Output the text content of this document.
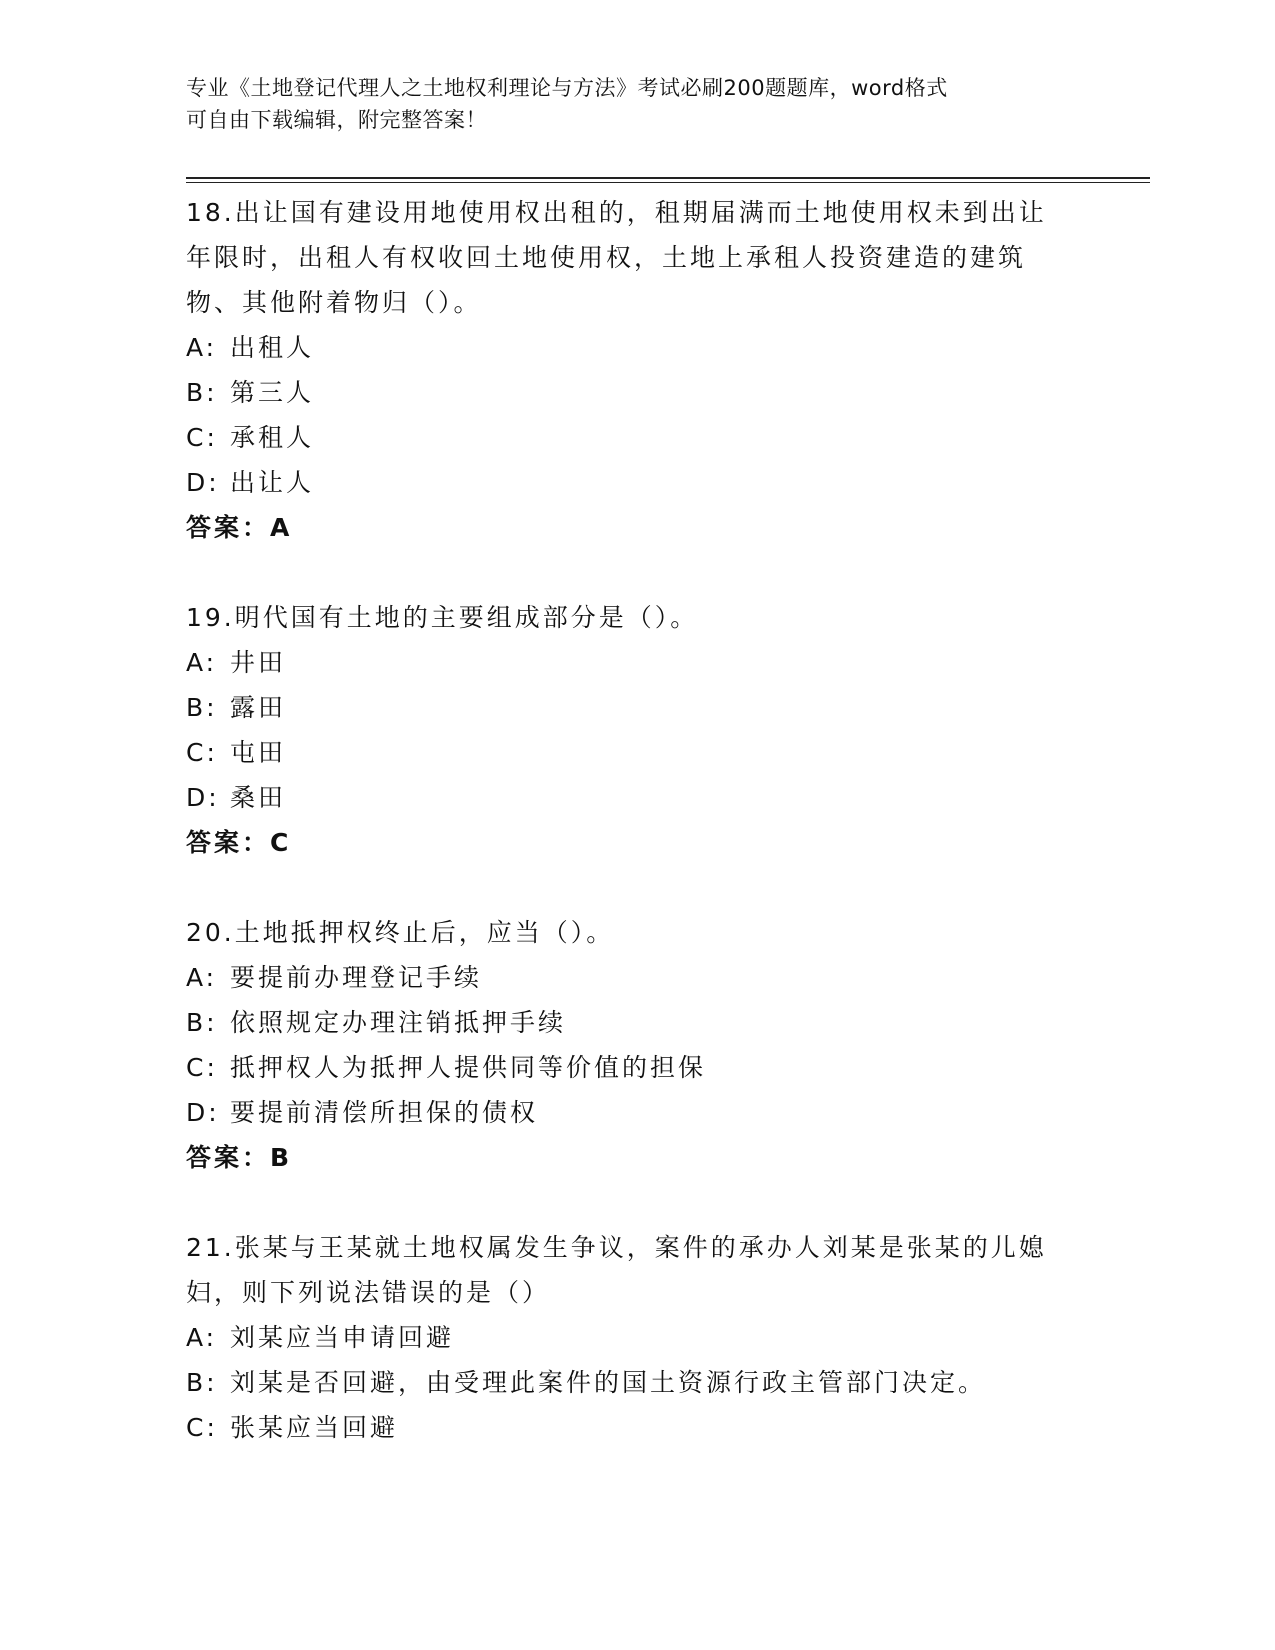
专业《土地登记代理人之土地权利理论与方法》考试必刷200题题库，word格式
可自由下载编辑，附完整答案！
18.出让国有建设用地使用权出租的，租期届满而土地使用权未到出让
年限时，出租人有权收回土地使用权，土地上承租人投资建造的建筑
物、其他附着物归（）。
A: 出租人
B: 第三人
C: 承租人
D: 出让人
答案：A
19.明代国有土地的主要组成部分是（）。
A: 井田
B: 露田
C: 屯田
D: 桑田
答案：C
20.土地抵押权终止后，应当（）。
A: 要提前办理登记手续
B: 依照规定办理注销抵押手续
C: 抵押权人为抵押人提供同等价值的担保
D: 要提前清偿所担保的债权
答案：B
21.张某与王某就土地权属发生争议，案件的承办人刘某是张某的儿媳
妇，则下列说法错误的是（）
A: 刘某应当申请回避
B: 刘某是否回避，由受理此案件的国土资源行政主管部门决定。
C: 张某应当回避
